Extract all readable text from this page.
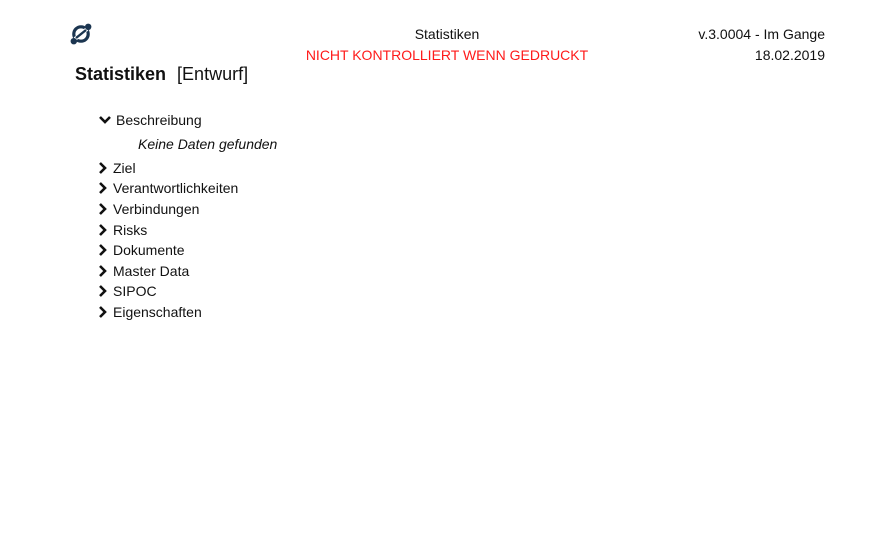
Statistiken
NICHT KONTROLLIERT WENN GEDRUCKT
v.3.0004 - Im Gange
18.02.2019
Statistiken [Entwurf]
Beschreibung
Keine Daten gefunden
Ziel
Verantwortlichkeiten
Verbindungen
Risks
Dokumente
Master Data
SIPOC
Eigenschaften
